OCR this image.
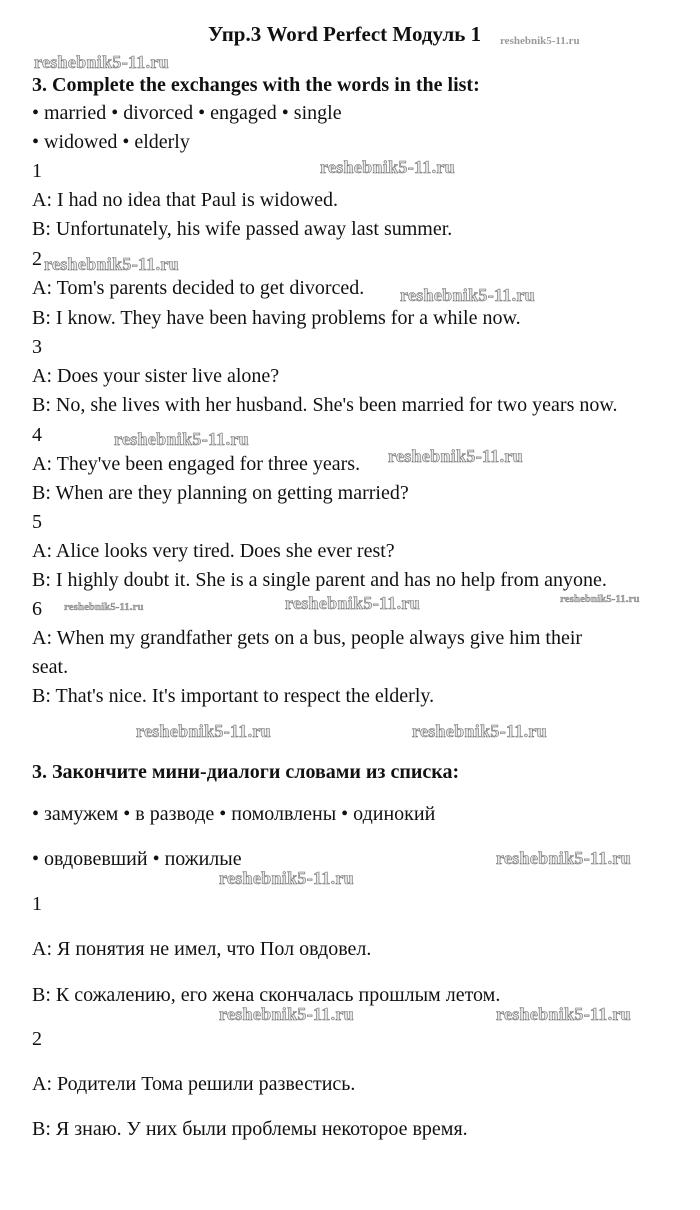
Упр.3 Word Perfect Модуль 1 reshebnik5-11.ru
reshebnik5-11.ru
3. Complete the exchanges with the words in the list:
• married • divorced • engaged • single
• widowed • elderly
1	reshebnik5-11.ru
A: I had no idea that Paul is widowed.
B: Unfortunately, his wife passed away last summer.
2 reshebnik5-11.ru
A: Tom's parents decided to get divorced. reshebnik5-11.ru
B: I know. They have been having problems for a while now.
3
A: Does your sister live alone?
B: No, she lives with her husband. She's been married for two years now.
4	reshebnik5-11.ru
A: They've been engaged for three years. reshebnik5-11.ru
B: When are they planning on getting married?
5
A: Alice looks very tired. Does she ever rest?
B: I highly doubt it. She is a single parent and has no help from anyone.
6 reshebnik5-11.ru	reshebnik5-11.ru	reshebnik5-11.ru
A: When my grandfather gets on a bus, people always give him their
seat.
B: That's nice. It's important to respect the elderly.
reshebnik5-11.ru	reshebnik5-11.ru
3. Закончите мини-диалоги словами из списка:
• замужем • в разводе • помолвлены • одинокий
• овдовевший • пожилые	reshebnik5-11.ru
reshebnik5-11.ru
1
A: Я понятия не имел, что Пол овдовел.
B: К сожалению, его жена скончалась прошлым летом.
reshebnik5-11.ru	reshebnik5-11.ru
2
A: Родители Тома решили развестись.
B: Я знаю. У них были проблемы некоторое время.
